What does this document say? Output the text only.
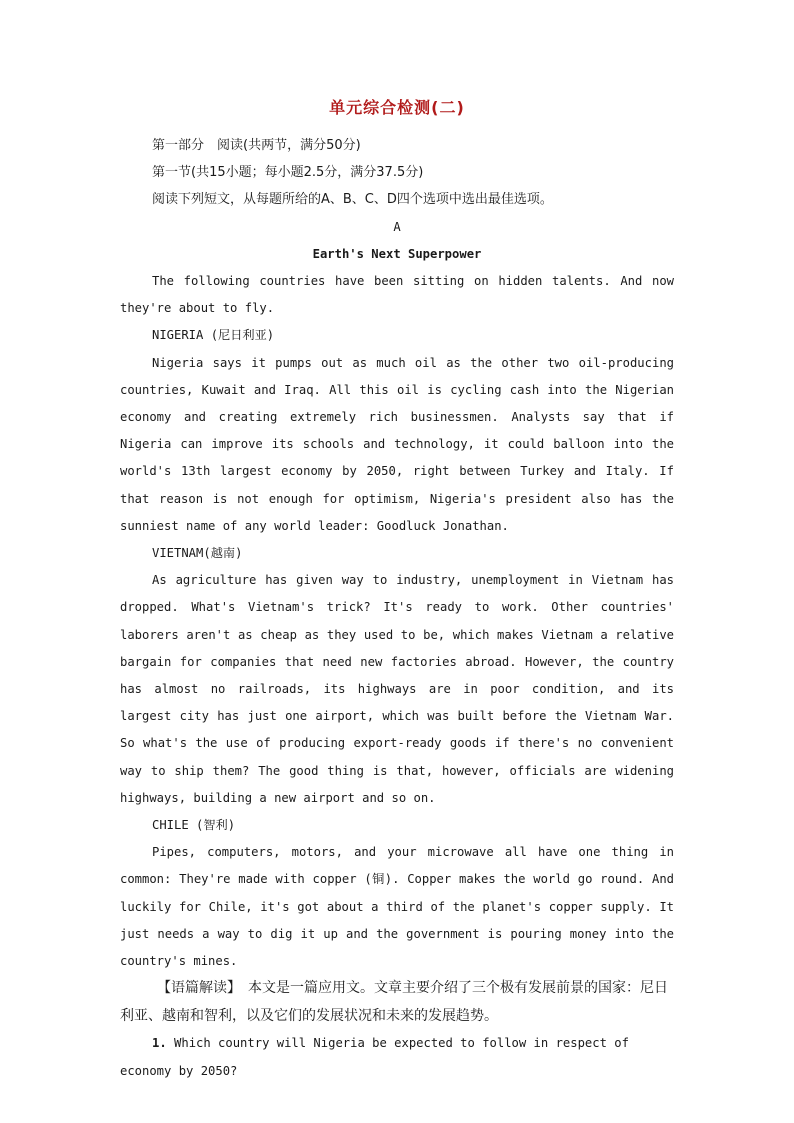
单元综合检测(二)

第一部分　阅读(共两节，满分50分)

第一节(共15小题；每小题2.5分，满分37.5分)

阅读下列短文，从每题所给的A、B、C、D四个选项中选出最佳选项。

A

Earth's Next Superpower

The following countries have been sitting on hidden talents. And now they're about to fly.

NIGERIA (尼日利亚)

Nigeria says it pumps out as much oil as the other two oil-producing countries, Kuwait and Iraq. All this oil is cycling cash into the Nigerian economy and creating extremely rich businessmen. Analysts say that if Nigeria can improve its schools and technology, it could balloon into the world's 13th largest economy by 2050, right between Turkey and Italy. If that reason is not enough for optimism, Nigeria's president also has the sunniest name of any world leader: Goodluck Jonathan.

VIETNAM(越南)

As agriculture has given way to industry, unemployment in Vietnam has dropped. What's Vietnam's trick? It's ready to work. Other countries' laborers aren't as cheap as they used to be, which makes Vietnam a relative bargain for companies that need new factories abroad. However, the country has almost no railroads, its highways are in poor condition, and its largest city has just one airport, which was built before the Vietnam War. So what's the use of producing export-ready goods if there's no convenient way to ship them? The good thing is that, however, officials are widening highways, building a new airport and so on.

CHILE (智利)

Pipes, computers, motors, and your microwave all have one thing in common: They're made with copper (铜). Copper makes the world go round. And luckily for Chile, it's got about a third of the planet's copper supply. It just needs a way to dig it up and the government is pouring money into the country's mines.

【语篇解读】　本文是一篇应用文。文章主要介绍了三个极有发展前景的国家：尼日利亚、越南和智利，以及它们的发展状况和未来的发展趋势。

1. Which country will Nigeria be expected to follow in respect of economy by 2050?
